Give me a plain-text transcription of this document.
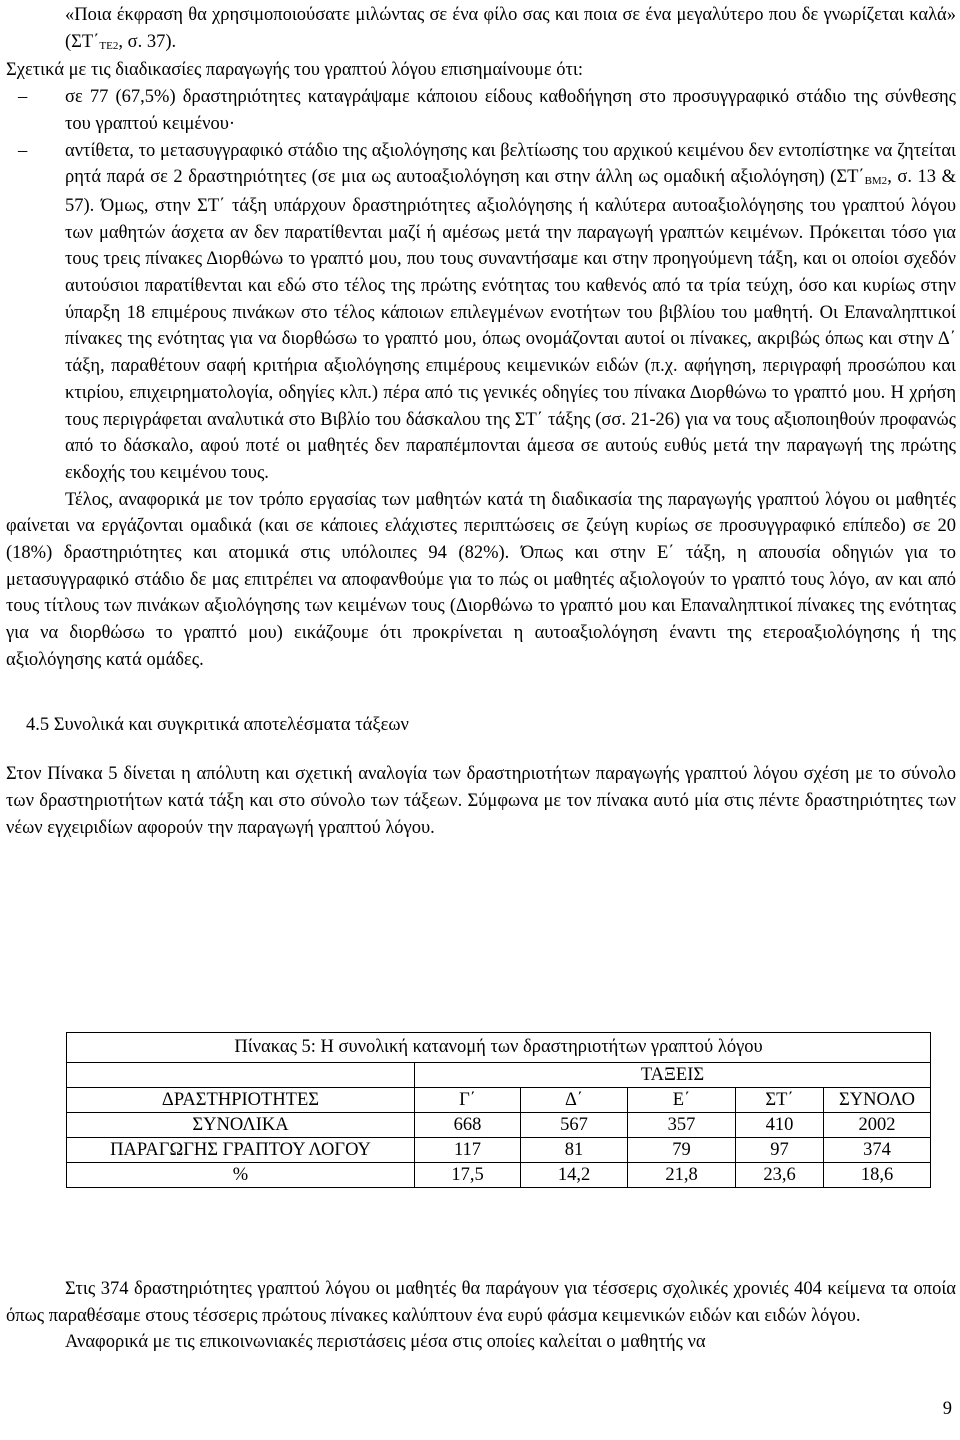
«Ποια έκφραση θα χρησιμοποιούσατε μιλώντας σε ένα φίλο σας και ποια σε ένα μεγαλύτερο που δε γνωρίζεται καλά» ($\Sigma T΄_{TE2}$, σ. 37).

Σχετικά με τις διαδικασίες παραγωγής του γραπτού λόγου επισημαίνουμε ότι:

– σε 77 (67,5%) δραστηριότητες καταγράψαμε κάποιου είδους καθοδήγηση στο προσυγγραφικό στάδιο της σύνθεσης του γραπτού κειμένου·

– αντίθετα, το μετασυγγραφικό στάδιο της αξιολόγησης και βελτίωσης του αρχικού κειμένου δεν εντοπίστηκε να ζητείται ρητά παρά σε 2 δραστηριότητες (σε μια ως αυτοαξιολόγηση και στην άλλη ως ομαδική αξιολόγηση) ($\Sigma T΄_{BM2}$, σ. 13 & 57). Όμως, στην ΣΤ΄ τάξη υπάρχουν δραστηριότητες αξιολόγησης ή καλύτερα αυτοαξιολόγησης του γραπτού λόγου των μαθητών άσχετα αν δεν παρατίθενται μαζί ή αμέσως μετά την παραγωγή γραπτών κειμένων. Πρόκειται τόσο για τους τρεις πίνακες Διορθώνω το γραπτό μου, που τους συναντήσαμε και στην προηγούμενη τάξη, και οι οποίοι σχεδόν αυτούσιοι παρατίθενται και εδώ στο τέλος της πρώτης ενότητας του καθενός από τα τρία τεύχη, όσο και κυρίως στην ύπαρξη 18 επιμέρους πινάκων στο τέλος κάποιων επιλεγμένων ενοτήτων του βιβλίου του μαθητή. Οι Επαναληπτικοί πίνακες της ενότητας για να διορθώσω το γραπτό μου, όπως ονομάζονται αυτοί οι πίνακες, ακριβώς όπως και στην Δ΄ τάξη, παραθέτουν σαφή κριτήρια αξιολόγησης επιμέρους κειμενικών ειδών (π.χ. αφήγηση, περιγραφή προσώπου και κτιρίου, επιχειρηματολογία, οδηγίες κλπ.) πέρα από τις γενικές οδηγίες του πίνακα Διορθώνω το γραπτό μου. Η χρήση τους περιγράφεται αναλυτικά στο Βιβλίο του δάσκαλου της ΣΤ΄ τάξης (σσ. 21-26) για να τους αξιοποιηθούν προφανώς από το δάσκαλο, αφού ποτέ οι μαθητές δεν παραπέμπονται άμεσα σε αυτούς ευθύς μετά την παραγωγή της πρώτης εκδοχής του κειμένου τους.

Τέλος, αναφορικά με τον τρόπο εργασίας των μαθητών κατά τη διαδικασία της παραγωγής γραπτού λόγου οι μαθητές φαίνεται να εργάζονται ομαδικά (και σε κάποιες ελάχιστες περιπτώσεις σε ζεύγη κυρίως σε προσυγγραφικό επίπεδο) σε 20 (18%) δραστηριότητες και ατομικά στις υπόλοιπες 94 (82%). Όπως και στην Ε΄ τάξη, η απουσία οδηγιών για το μετασυγγραφικό στάδιο δε μας επιτρέπει να αποφανθούμε για το πώς οι μαθητές αξιολογούν το γραπτό τους λόγο, αν και από τους τίτλους των πινάκων αξιολόγησης των κειμένων τους (Διορθώνω το γραπτό μου και Επαναληπτικοί πίνακες της ενότητας για να διορθώσω το γραπτό μου) εικάζουμε ότι προκρίνεται η αυτοαξιολόγηση έναντι της ετεροαξιολόγησης ή της αξιολόγησης κατά ομάδες.

4.5 Συνολικά και συγκριτικά αποτελέσματα τάξεων

Στον Πίνακα 5 δίνεται η απόλυτη και σχετική αναλογία των δραστηριοτήτων παραγωγής γραπτού λόγου σχέση με το σύνολο των δραστηριοτήτων κατά τάξη και στο σύνολο των τάξεων. Σύμφωνα με τον πίνακα αυτό μία στις πέντε δραστηριότητες των νέων εγχειριδίων αφορούν την παραγωγή γραπτού λόγου.

Πίνακας 5: Η συνολική κατανομή των δραστηριοτήτων γραπτού λόγου					
	ΤΑΞΕΙΣ				
ΔΡΑΣΤΗΡΙΟΤΗΤΕΣ	Γ΄	Δ΄	Ε΄	ΣΤ΄	ΣΥΝΟΛΟ
ΣΥΝΟΛΙΚΑ	668	567	357	410	2002
ΠΑΡΑΓΩΓΗΣ ΓΡΑΠΤΟΥ ΛΟΓΟΥ	117	81	79	97	374
%	17,5	14,2	21,8	23,6	18,6

Στις 374 δραστηριότητες γραπτού λόγου οι μαθητές θα παράγουν για τέσσερις σχολικές χρονιές 404 κείμενα τα οποία όπως παραθέσαμε στους τέσσερις πρώτους πίνακες καλύπτουν ένα ευρύ φάσμα κειμενικών ειδών και ειδών λόγου.

Αναφορικά με τις επικοινωνιακές περιστάσεις μέσα στις οποίες καλείται ο μαθητής να

9
